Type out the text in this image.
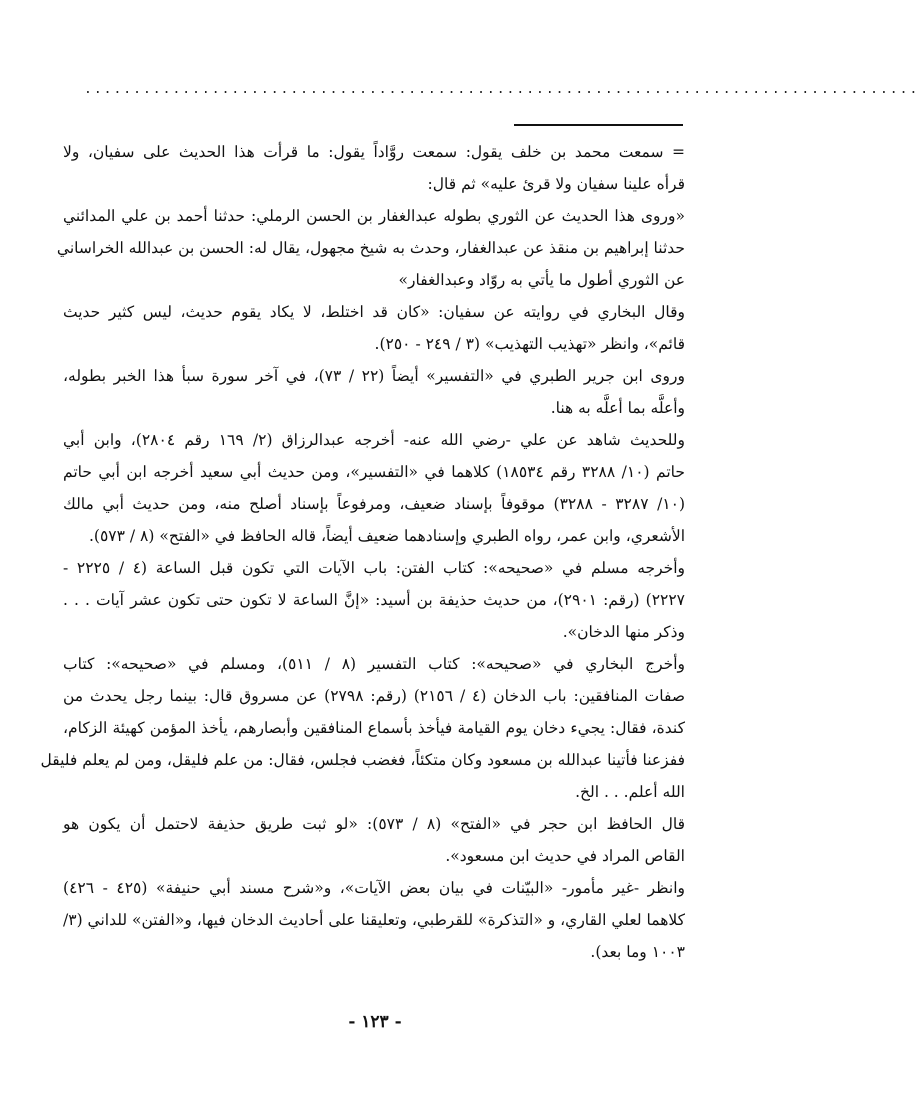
.....................................................................................
= سمعت محمد بن خلف يقول: سمعت روَّاداً يقول: ما قرأت هذا الحديث على سفيان، ولا
قرأه علينا سفيان ولا قرئ عليه» ثم قال:
«وروى هذا الحديث عن الثوري بطوله عبدالغفار بن الحسن الرملي: حدثنا أحمد بن علي المدائني
حدثنا إبراهيم بن منقذ عن عبدالغفار، وحدث به شيخ مجهول، يقال له: الحسن بن عبدالله الخراساني
عن الثوري أطول ما يأتي به روّاد وعبدالغفار»
وقال البخاري في روايته عن سفيان: «كان قد اختلط، لا يكاد يقوم حديث، ليس كثير حديث
قائم»، وانظر «تهذيب التهذيب» (٣ / ٢٤٩ - ٢٥٠).
وروى ابن جرير الطبري في «التفسير» أيضاً (٢٢ / ٧٣)، في آخر سورة سبأ هذا الخبر بطوله،
وأعلَّه بما أعلَّه به هنا.
وللحديث شاهد عن علي -رضي الله عنه- أخرجه عبدالرزاق (٢/ ١٦٩ رقم ٢٨٠٤)، وابن أبي
حاتم (١٠/ ٣٢٨٨ رقم ١٨٥٣٤) كلاهما في «التفسير»، ومن حديث أبي سعيد أخرجه ابن أبي حاتم
(١٠/ ٣٢٨٧ - ٣٢٨٨) موقوفاً بإسناد ضعيف، ومرفوعاً بإسناد أصلح منه، ومن حديث أبي مالك
الأشعري، وابن عمر، رواه الطبري وإسنادهما ضعيف أيضاً، قاله الحافظ في «الفتح» (٨ / ٥٧٣).
وأخرجه مسلم في «صحيحه»: كتاب الفتن: باب الآيات التي تكون قبل الساعة (٤ / ٢٢٢٥ -
٢٢٢٧) (رقم: ٢٩٠١)، من حديث حذيفة بن أسيد: «إنَّ الساعة لا تكون حتى تكون عشر آيات . . .
وذكر منها الدخان».
وأخرج البخاري في «صحيحه»: كتاب التفسير (٨ / ٥١١)، ومسلم في «صحيحه»: كتاب
صفات المنافقين: باب الدخان (٤ / ٢١٥٦) (رقم: ٢٧٩٨) عن مسروق قال: بينما رجل يحدث من
كندة، فقال: يجيء دخان يوم القيامة فيأخذ بأسماع المنافقين وأبصارهم، يأخذ المؤمن كهيئة الزكام،
ففزعنا فأتينا عبدالله بن مسعود وكان متكئاً، فغضب فجلس، فقال: من علم فليقل، ومن لم يعلم فليقل
الله أعلم. . . الخ.
قال الحافظ ابن حجر في «الفتح» (٨ / ٥٧٣): «لو ثبت طريق حذيفة لاحتمل أن يكون هو
القاص المراد في حديث ابن مسعود».
وانظر -غير مأمور- «البيّنات في بيان بعض الآيات»، و«شرح مسند أبي حنيفة» (٤٢٥ - ٤٢٦)
كلاهما لعلي القاري، و «التذكرة» للقرطبي، وتعليقنا على أحاديث الدخان فيها، و«الفتن» للداني (٣/
١٠٠٣ وما بعد).
- ١٢٣ -
